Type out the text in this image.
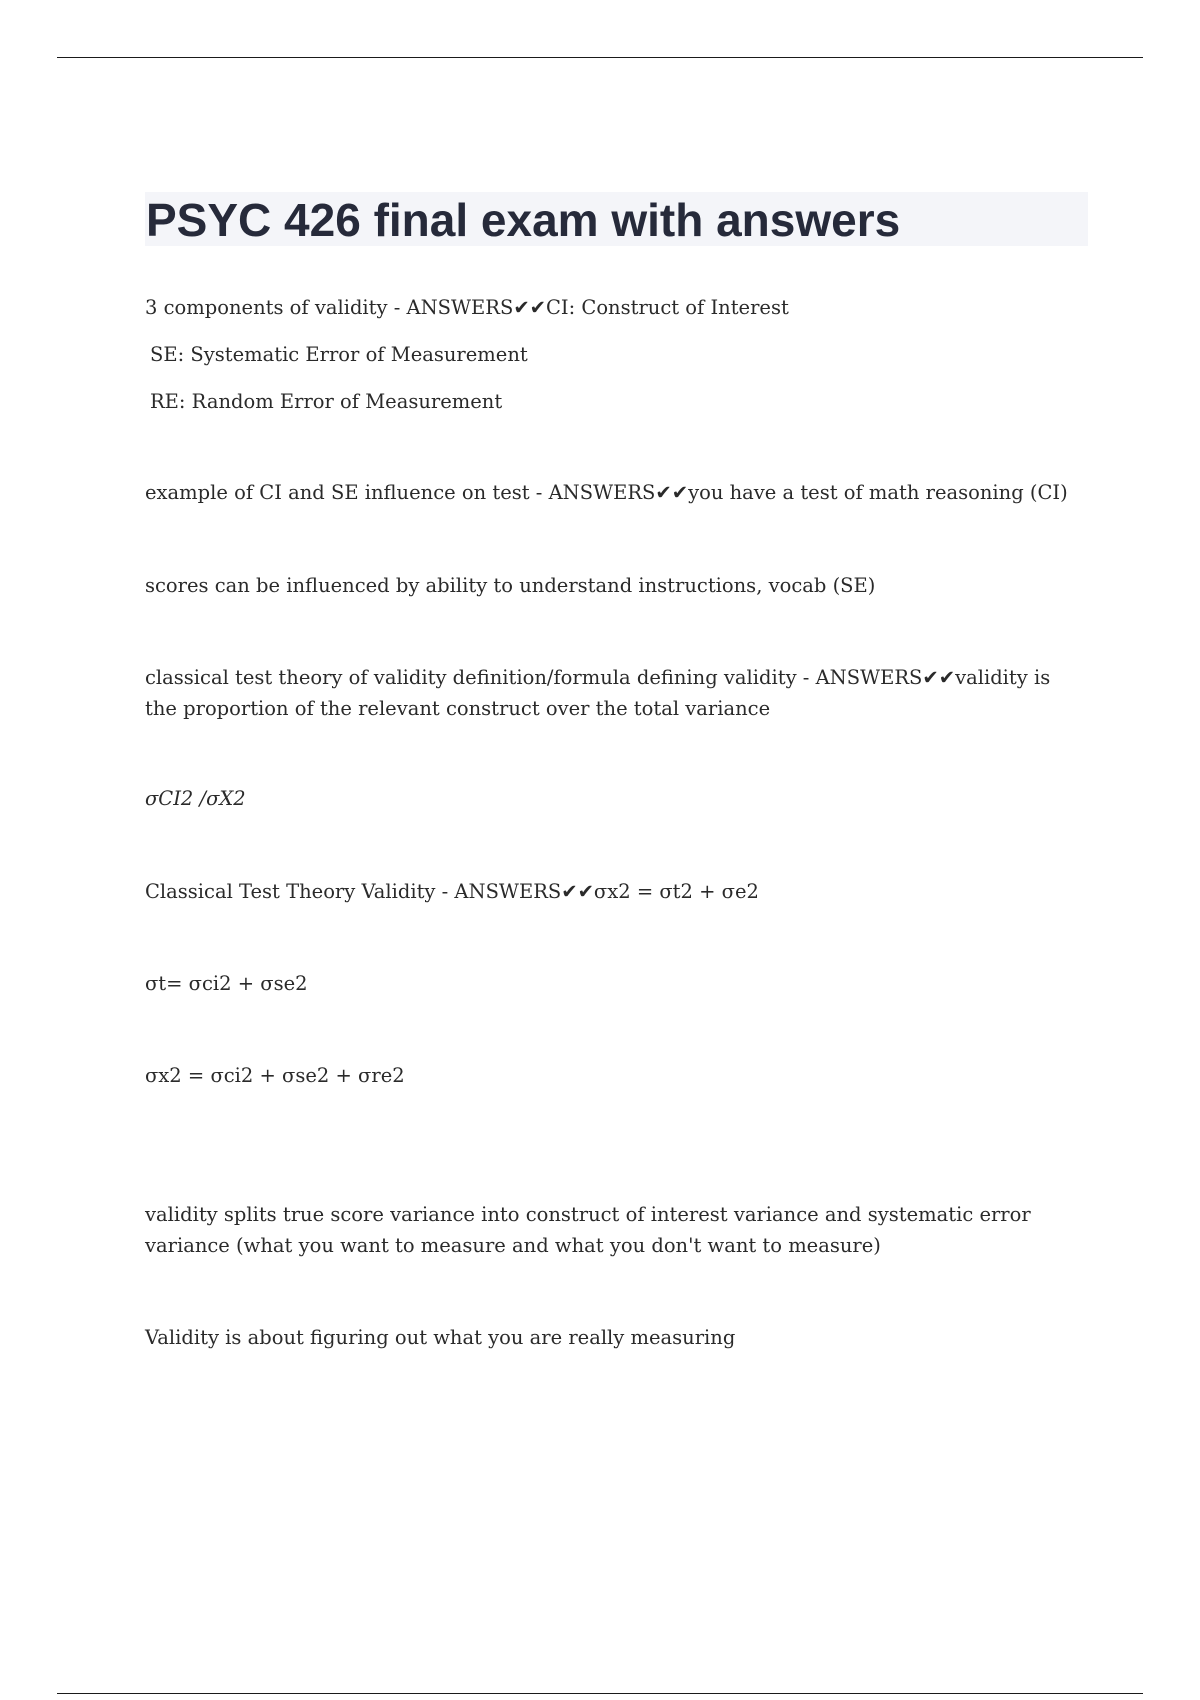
PSYC 426 final exam with answers

3 components of validity - ANSWERS✔✔CI: Construct of Interest

SE: Systematic Error of Measurement

RE: Random Error of Measurement

example of CI and SE influence on test - ANSWERS✔✔you have a test of math reasoning (CI)

scores can be influenced by ability to understand instructions, vocab (SE)

classical test theory of validity definition/formula defining validity - ANSWERS✔✔validity is the proportion of the relevant construct over the total variance

σCI2 /σX2

Classical Test Theory Validity - ANSWERS✔✔σx2 = σt2 + σe2

σt= σci2 + σse2

σx2 = σci2 + σse2 + σre2

validity splits true score variance into construct of interest variance and systematic error variance (what you want to measure and what you don't want to measure)

Validity is about figuring out what you are really measuring
